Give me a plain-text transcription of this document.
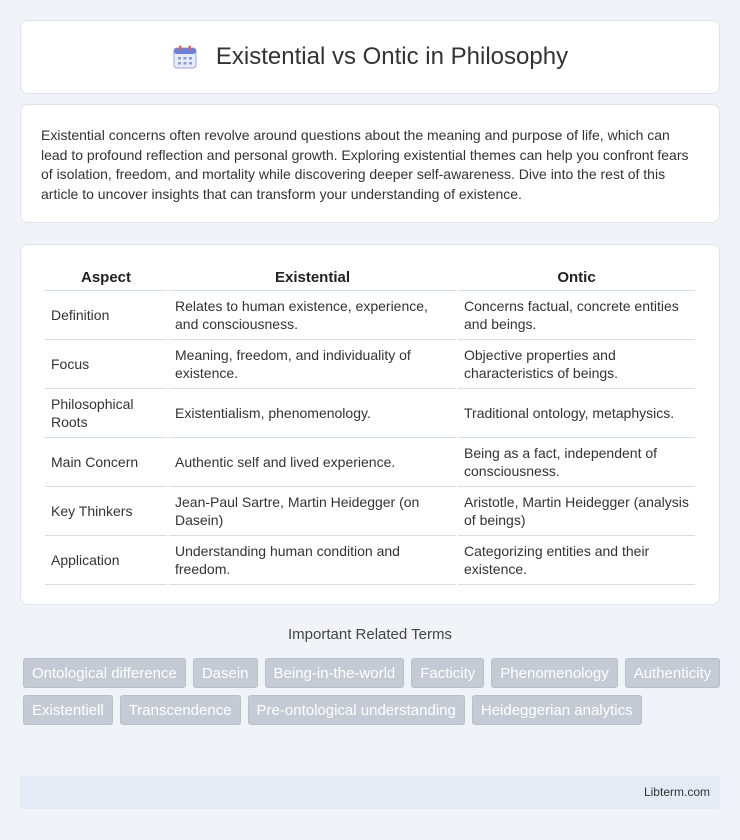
Existential vs Ontic in Philosophy

Existential concerns often revolve around questions about the meaning and purpose of life, which can lead to profound reflection and personal growth. Exploring existential themes can help you confront fears of isolation, freedom, and mortality while discovering deeper self-awareness. Dive into the rest of this article to uncover insights that can transform your understanding of existence.

Aspect	Existential	Ontic
Definition	Relates to human existence, experience, and consciousness.	Concerns factual, concrete entities and beings.
Focus	Meaning, freedom, and individuality of existence.	Objective properties and characteristics of beings.
Philosophical Roots	Existentialism, phenomenology.	Traditional ontology, metaphysics.
Main Concern	Authentic self and lived experience.	Being as a fact, independent of consciousness.
Key Thinkers	Jean-Paul Sartre, Martin Heidegger (on Dasein)	Aristotle, Martin Heidegger (analysis of beings)
Application	Understanding human condition and freedom.	Categorizing entities and their existence.
Important Related Terms
Ontological difference	Dasein	Being-in-the-world	Facticity	Phenomenology	Authenticity
Existentiell	Transcendence	Pre-ontological understanding	Heideggerian analytics
Libterm.com
